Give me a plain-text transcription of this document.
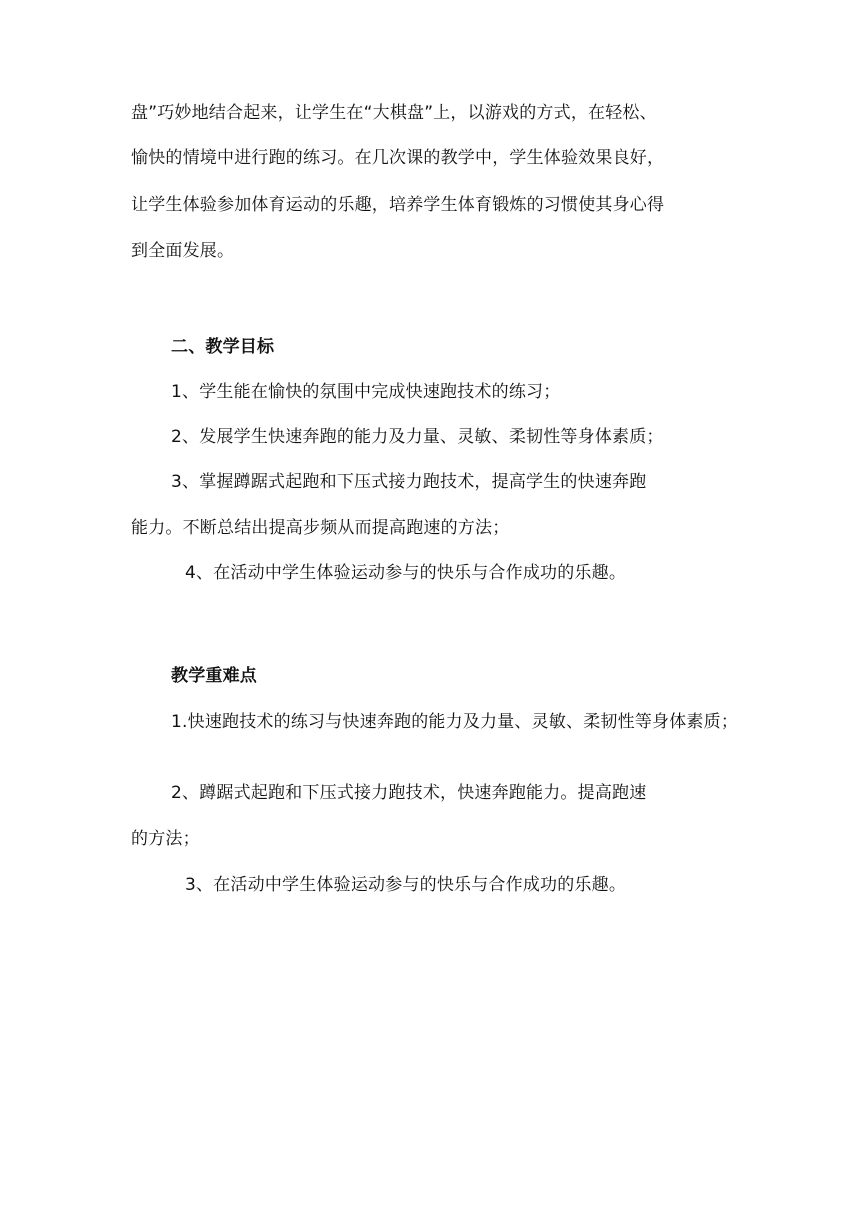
盘”巧妙地结合起来，让学生在“大棋盘”上，以游戏的方式，在轻松、
愉快的情境中进行跑的练习。在几次课的教学中，学生体验效果良好，
让学生体验参加体育运动的乐趣，培养学生体育锻炼的习惯使其身心得
到全面发展。
二、教学目标
1、学生能在愉快的氛围中完成快速跑技术的练习；
2、发展学生快速奔跑的能力及力量、灵敏、柔韧性等身体素质；
3、掌握蹲踞式起跑和下压式接力跑技术，提高学生的快速奔跑
能力。不断总结出提高步频从而提高跑速的方法；
4、在活动中学生体验运动参与的快乐与合作成功的乐趣。
教学重难点
1.快速跑技术的练习与快速奔跑的能力及力量、灵敏、柔韧性等身体素质；
2、蹲踞式起跑和下压式接力跑技术，快速奔跑能力。提高跑速
的方法；
3、在活动中学生体验运动参与的快乐与合作成功的乐趣。
